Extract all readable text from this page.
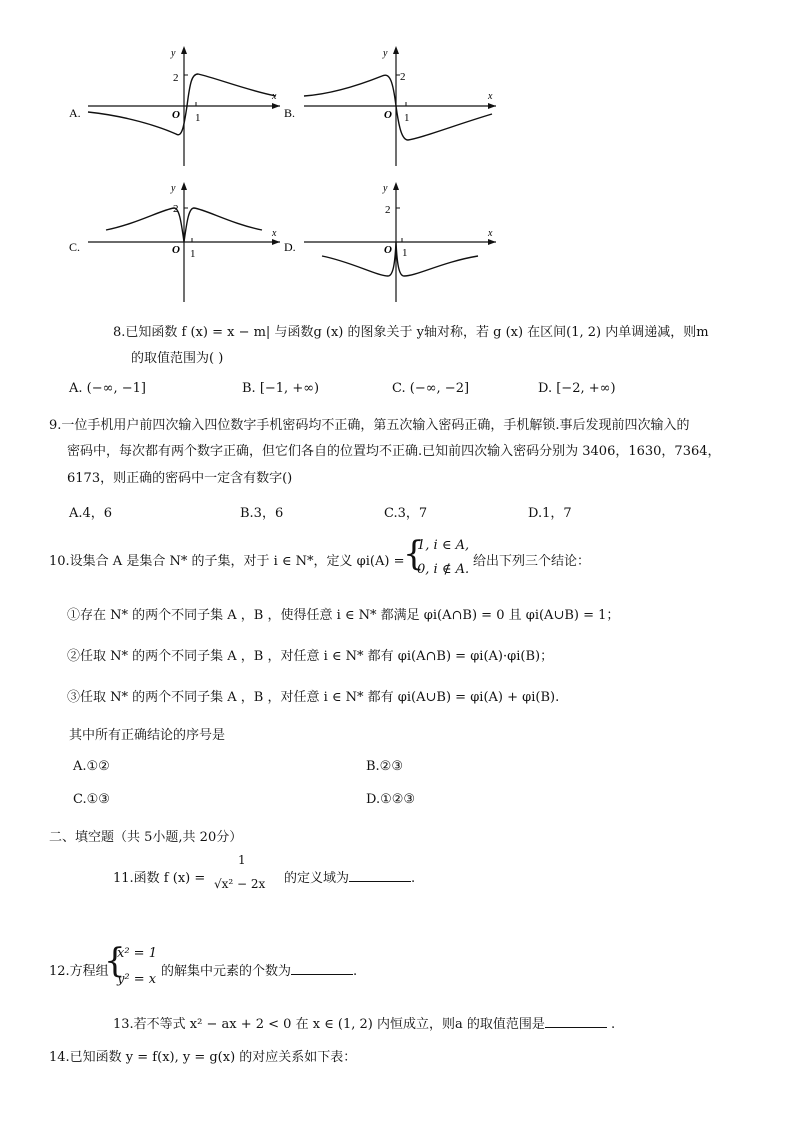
A.
y
x
O 1
2
B.
y
x
O 1
2
C.
y
x
O 1
2
D.
y
x
O 1
2
8.已知函数 f (x) = x − m| 与函数g (x) 的图象关于 y轴对称，若 g (x) 在区间(1, 2) 内单调递减，则m
的取值范围为( )
A. (−∞, −1]	B. [−1, +∞)	C. (−∞, −2]	D. [−2, +∞)
9.一位手机用户前四次输入四位数字手机密码均不正确，第五次输入密码正确，手机解锁.事后发现前四次输入的
密码中，每次都有两个数字正确，但它们各自的位置均不正确.已知前四次输入密码分别为 3406，1630，7364，
6173，则正确的密码中一定含有数字()
A.4，6	B.3，6	C.3，7	D.1，7
10.设集合 A 是集合 N* 的子集，对于 i ∈ N*，定义 φi(A) =
{
1, i ∈ A,
0, i ∉ A.
给出下列三个结论：
①存在 N* 的两个不同子集 A ，B ，使得任意 i ∈ N* 都满足 φi(A∩B) = 0 且 φi(A∪B) = 1；
②任取 N* 的两个不同子集 A ，B ，对任意 i ∈ N* 都有 φi(A∩B) = φi(A)·φi(B)；
③任取 N* 的两个不同子集 A ，B ，对任意 i ∈ N* 都有 φi(A∪B) = φi(A) + φi(B).
其中所有正确结论的序号是
A.①②	B.②③
C.①③	D.①②③
二、填空题（共 5小题,共 20分）
11.函数 f (x) =
1
√x² − 2x 的定义域为	.
12.方程组
{
x² = 1
y² = x
的解集中元素的个数为	.
13.若不等式 x² − ax + 2 < 0 在 x ∈ (1, 2) 内恒成立，则a 的取值范围是	.
14.已知函数 y = f(x), y = g(x) 的对应关系如下表：
